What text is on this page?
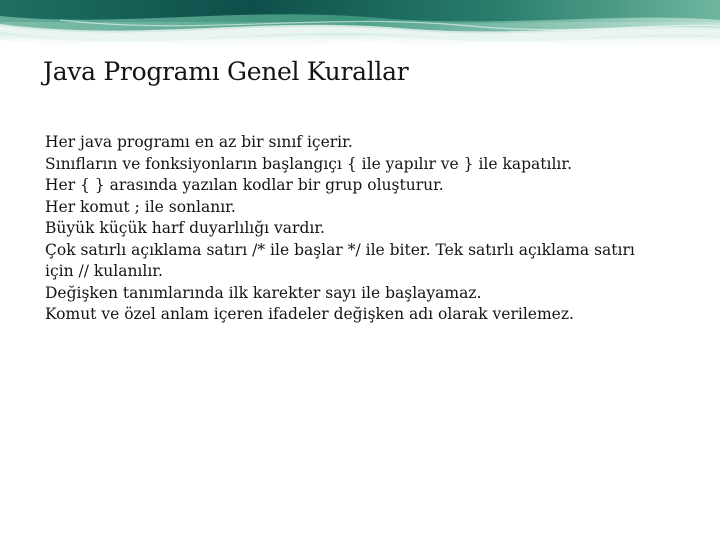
Java Programı Genel Kurallar
Her java programı en az bir sınıf içerir.
Sınıfların ve fonksiyonların başlangıçı { ile yapılır ve } ile kapatılır.
Her { } arasında yazılan kodlar bir grup oluşturur.
Her komut ; ile sonlanır.
Büyük küçük harf duyarlılığı vardır.
Çok satırlı açıklama satırı /* ile başlar */ ile biter. Tek satırlı açıklama satırı için // kulanılır.
Değişken tanımlarında ilk karekter sayı ile başlayamaz.
Komut ve özel anlam içeren ifadeler değişken adı olarak verilemez.
